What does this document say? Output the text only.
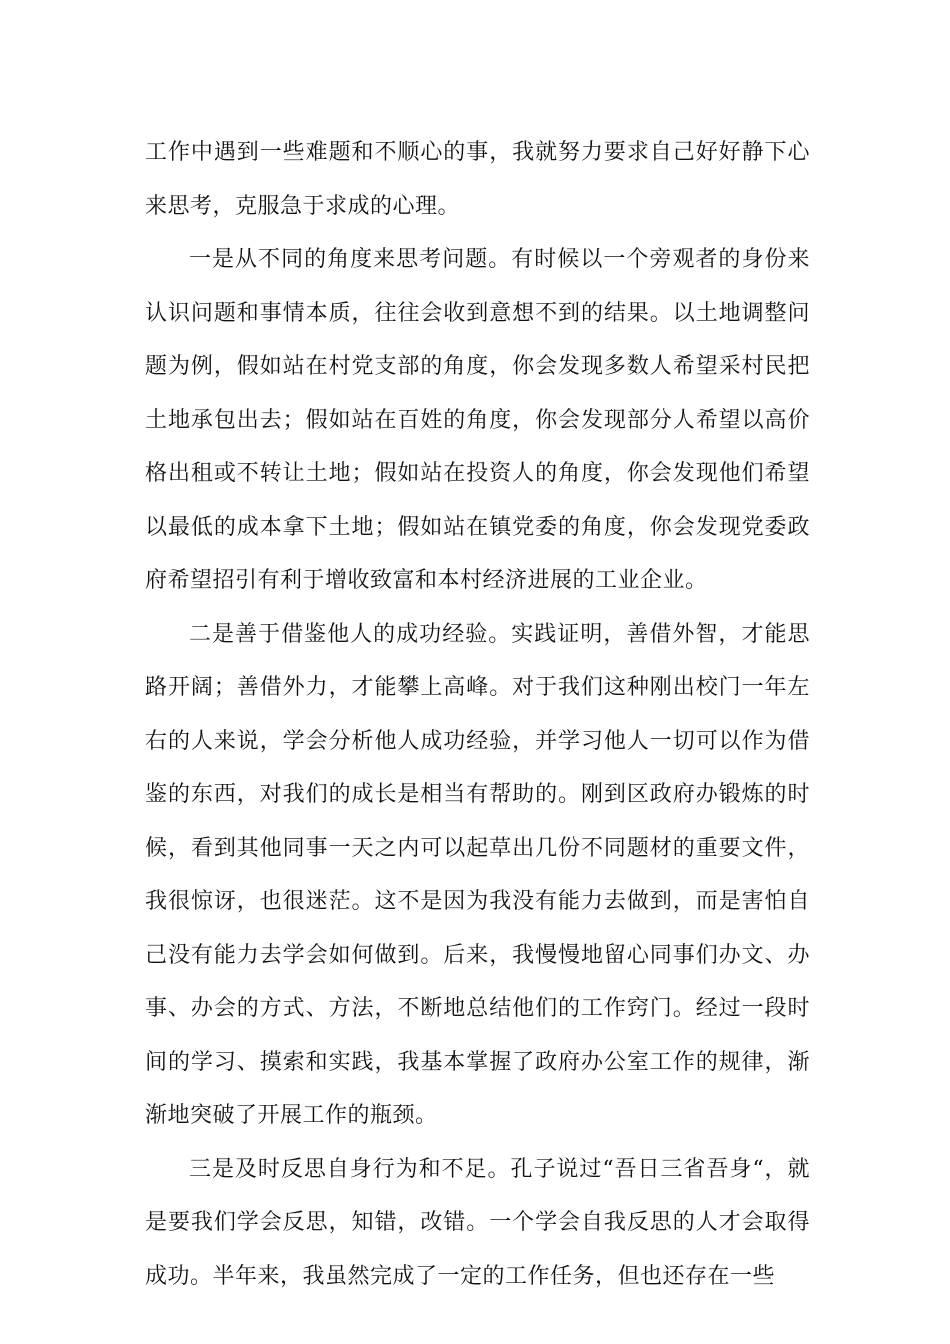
工作中遇到一些难题和不顺心的事，我就努力要求自己好好静下心来思考，克服急于求成的心理。

一是从不同的角度来思考问题。有时候以一个旁观者的身份来认识问题和事情本质，往往会收到意想不到的结果。以土地调整问题为例，假如站在村党支部的角度，你会发现多数人希望采村民把土地承包出去；假如站在百姓的角度，你会发现部分人希望以高价格出租或不转让土地；假如站在投资人的角度，你会发现他们希望以最低的成本拿下土地；假如站在镇党委的角度，你会发现党委政府希望招引有利于增收致富和本村经济进展的工业企业。

二是善于借鉴他人的成功经验。实践证明，善借外智，才能思路开阔；善借外力，才能攀上高峰。对于我们这种刚出校门一年左右的人来说，学会分析他人成功经验，并学习他人一切可以作为借鉴的东西，对我们的成长是相当有帮助的。刚到区政府办锻炼的时候，看到其他同事一天之内可以起草出几份不同题材的重要文件，我很惊讶，也很迷茫。这不是因为我没有能力去做到，而是害怕自己没有能力去学会如何做到。后来，我慢慢地留心同事们办文、办事、办会的方式、方法，不断地总结他们的工作窍门。经过一段时间的学习、摸索和实践，我基本掌握了政府办公室工作的规律，渐渐地突破了开展工作的瓶颈。

三是及时反思自身行为和不足。孔子说过“吾日三省吾身“，就是要我们学会反思，知错，改错。一个学会自我反思的人才会取得成功。半年来，我虽然完成了一定的工作任务，但也还存在一些
